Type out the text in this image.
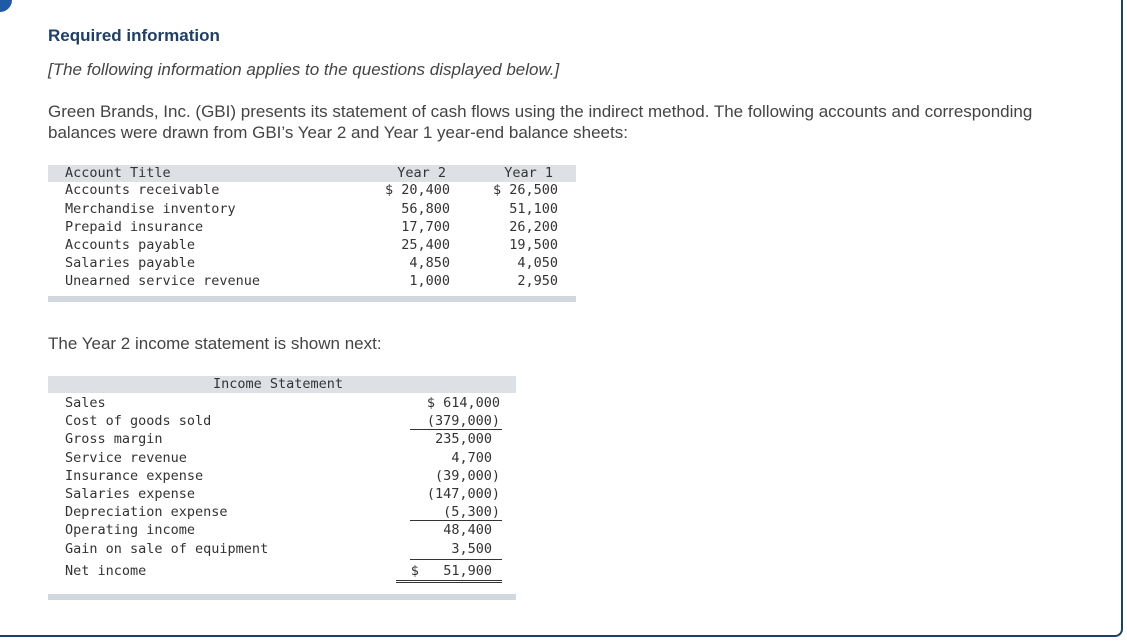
Required information
[The following information applies to the questions displayed below.]
Green Brands, Inc. (GBI) presents its statement of cash flows using the indirect method. The following accounts and corresponding balances were drawn from GBI’s Year 2 and Year 1 year-end balance sheets:
Account Title	Year 2	Year 1
Accounts receivable	$ 20,400	$ 26,500
Merchandise inventory	56,800	51,100
Prepaid insurance	17,700	26,200
Accounts payable	25,400	19,500
Salaries payable	4,850	4,050
Unearned service revenue	1,000	2,950
The Year 2 income statement is shown next:
Income Statement
Sales	$ 614,000
Cost of goods sold	(379,000)
Gross margin	235,000
Service revenue	4,700
Insurance expense	(39,000)
Salaries expense	(147,000)
Depreciation expense	(5,300)
Operating income	48,400
Gain on sale of equipment	3,500
Net income	$   51,900
